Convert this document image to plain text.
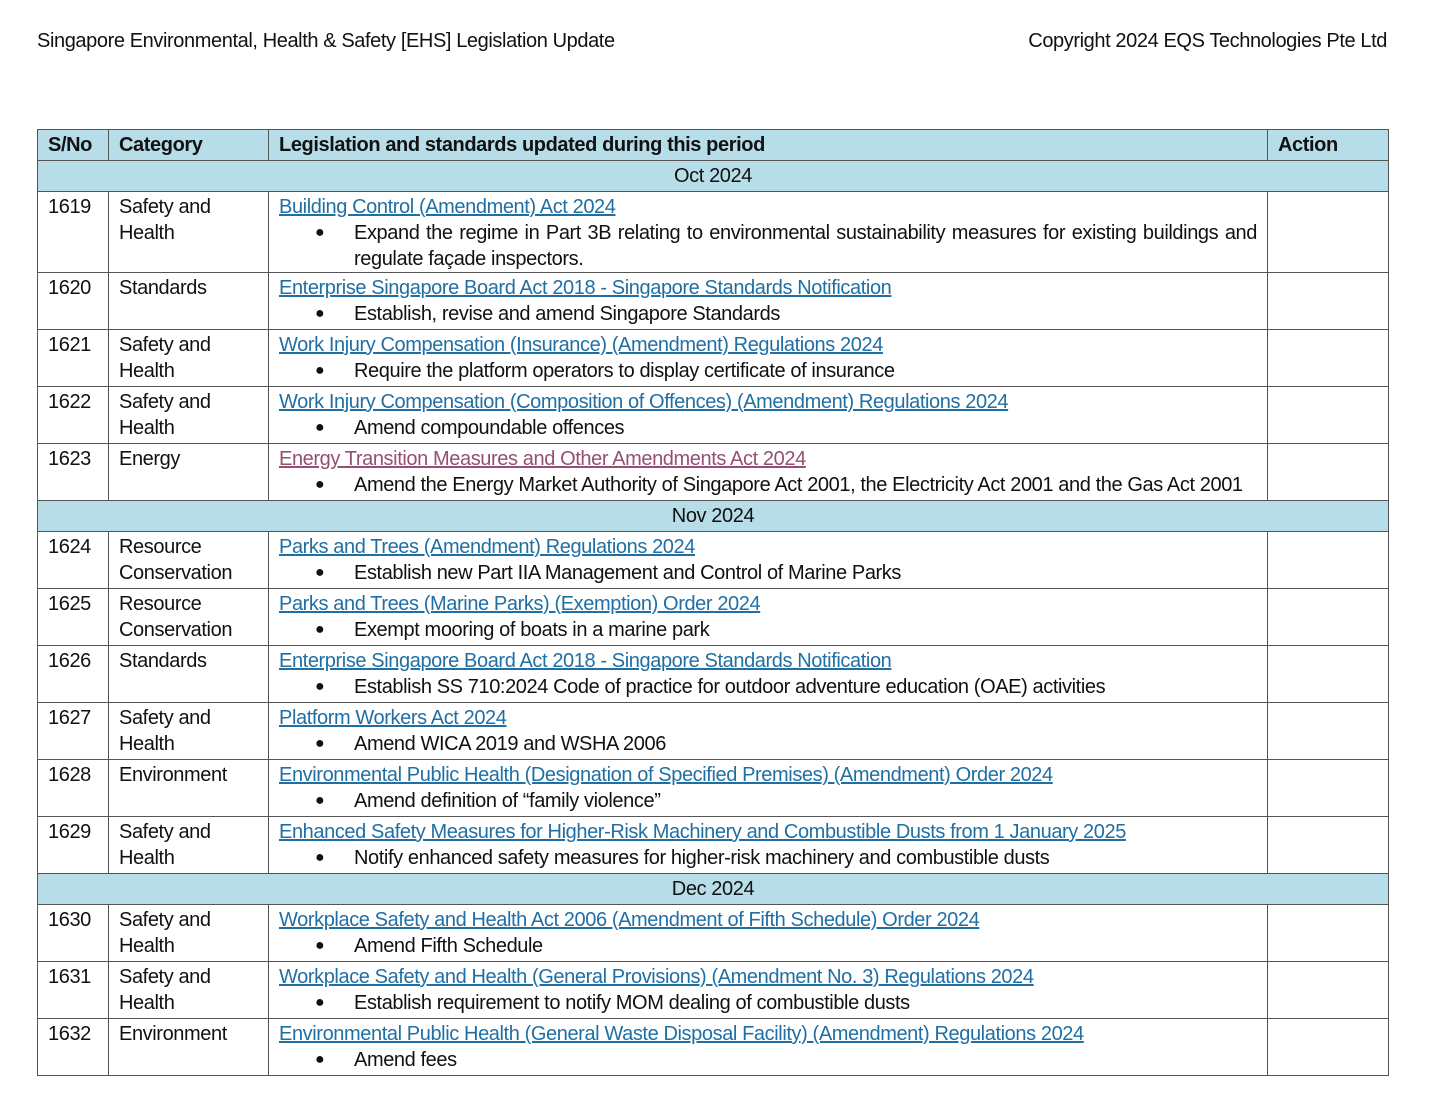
Singapore Environmental, Health & Safety [EHS] Legislation Update	Copyright 2024 EQS Technologies Pte Ltd
S/No	Category	Legislation and standards updated during this period	Action
Oct 2024			
1619	Safety and Health	Building Control (Amendment) Act 2024
● Expand the regime in Part 3B relating to environmental sustainability measures for existing buildings and regulate façade inspectors.	

1620	Standards	Enterprise Singapore Board Act 2018 - Singapore Standards Notification
● Establish, revise and amend Singapore Standards	

1621	Safety and Health	Work Injury Compensation (Insurance) (Amendment) Regulations 2024
● Require the platform operators to display certificate of insurance	

1622	Safety and Health	Work Injury Compensation (Composition of Offences) (Amendment) Regulations 2024
● Amend compoundable offences	

1623	Energy	Energy Transition Measures and Other Amendments Act 2024
● Amend the Energy Market Authority of Singapore Act 2001, the Electricity Act 2001 and the Gas Act 2001	

Nov 2024			
1624	Resource Conservation	Parks and Trees (Amendment) Regulations 2024
● Establish new Part IIA Management and Control of Marine Parks	

1625	Resource Conservation	Parks and Trees (Marine Parks) (Exemption) Order 2024
● Exempt mooring of boats in a marine park	

1626	Standards	Enterprise Singapore Board Act 2018 - Singapore Standards Notification
● Establish SS 710:2024 Code of practice for outdoor adventure education (OAE) activities	

1627	Safety and Health	Platform Workers Act 2024
● Amend WICA 2019 and WSHA 2006	

1628	Environment	Environmental Public Health (Designation of Specified Premises) (Amendment) Order 2024
● Amend definition of “family violence”	

1629	Safety and Health	Enhanced Safety Measures for Higher-Risk Machinery and Combustible Dusts from 1 January 2025
● Notify enhanced safety measures for higher-risk machinery and combustible dusts	

Dec 2024			
1630	Safety and Health	Workplace Safety and Health Act 2006 (Amendment of Fifth Schedule) Order 2024
● Amend Fifth Schedule	

1631	Safety and Health	Workplace Safety and Health (General Provisions) (Amendment No. 3) Regulations 2024
● Establish requirement to notify MOM dealing of combustible dusts	

1632	Environment	Environmental Public Health (General Waste Disposal Facility) (Amendment) Regulations 2024
● Amend fees	
